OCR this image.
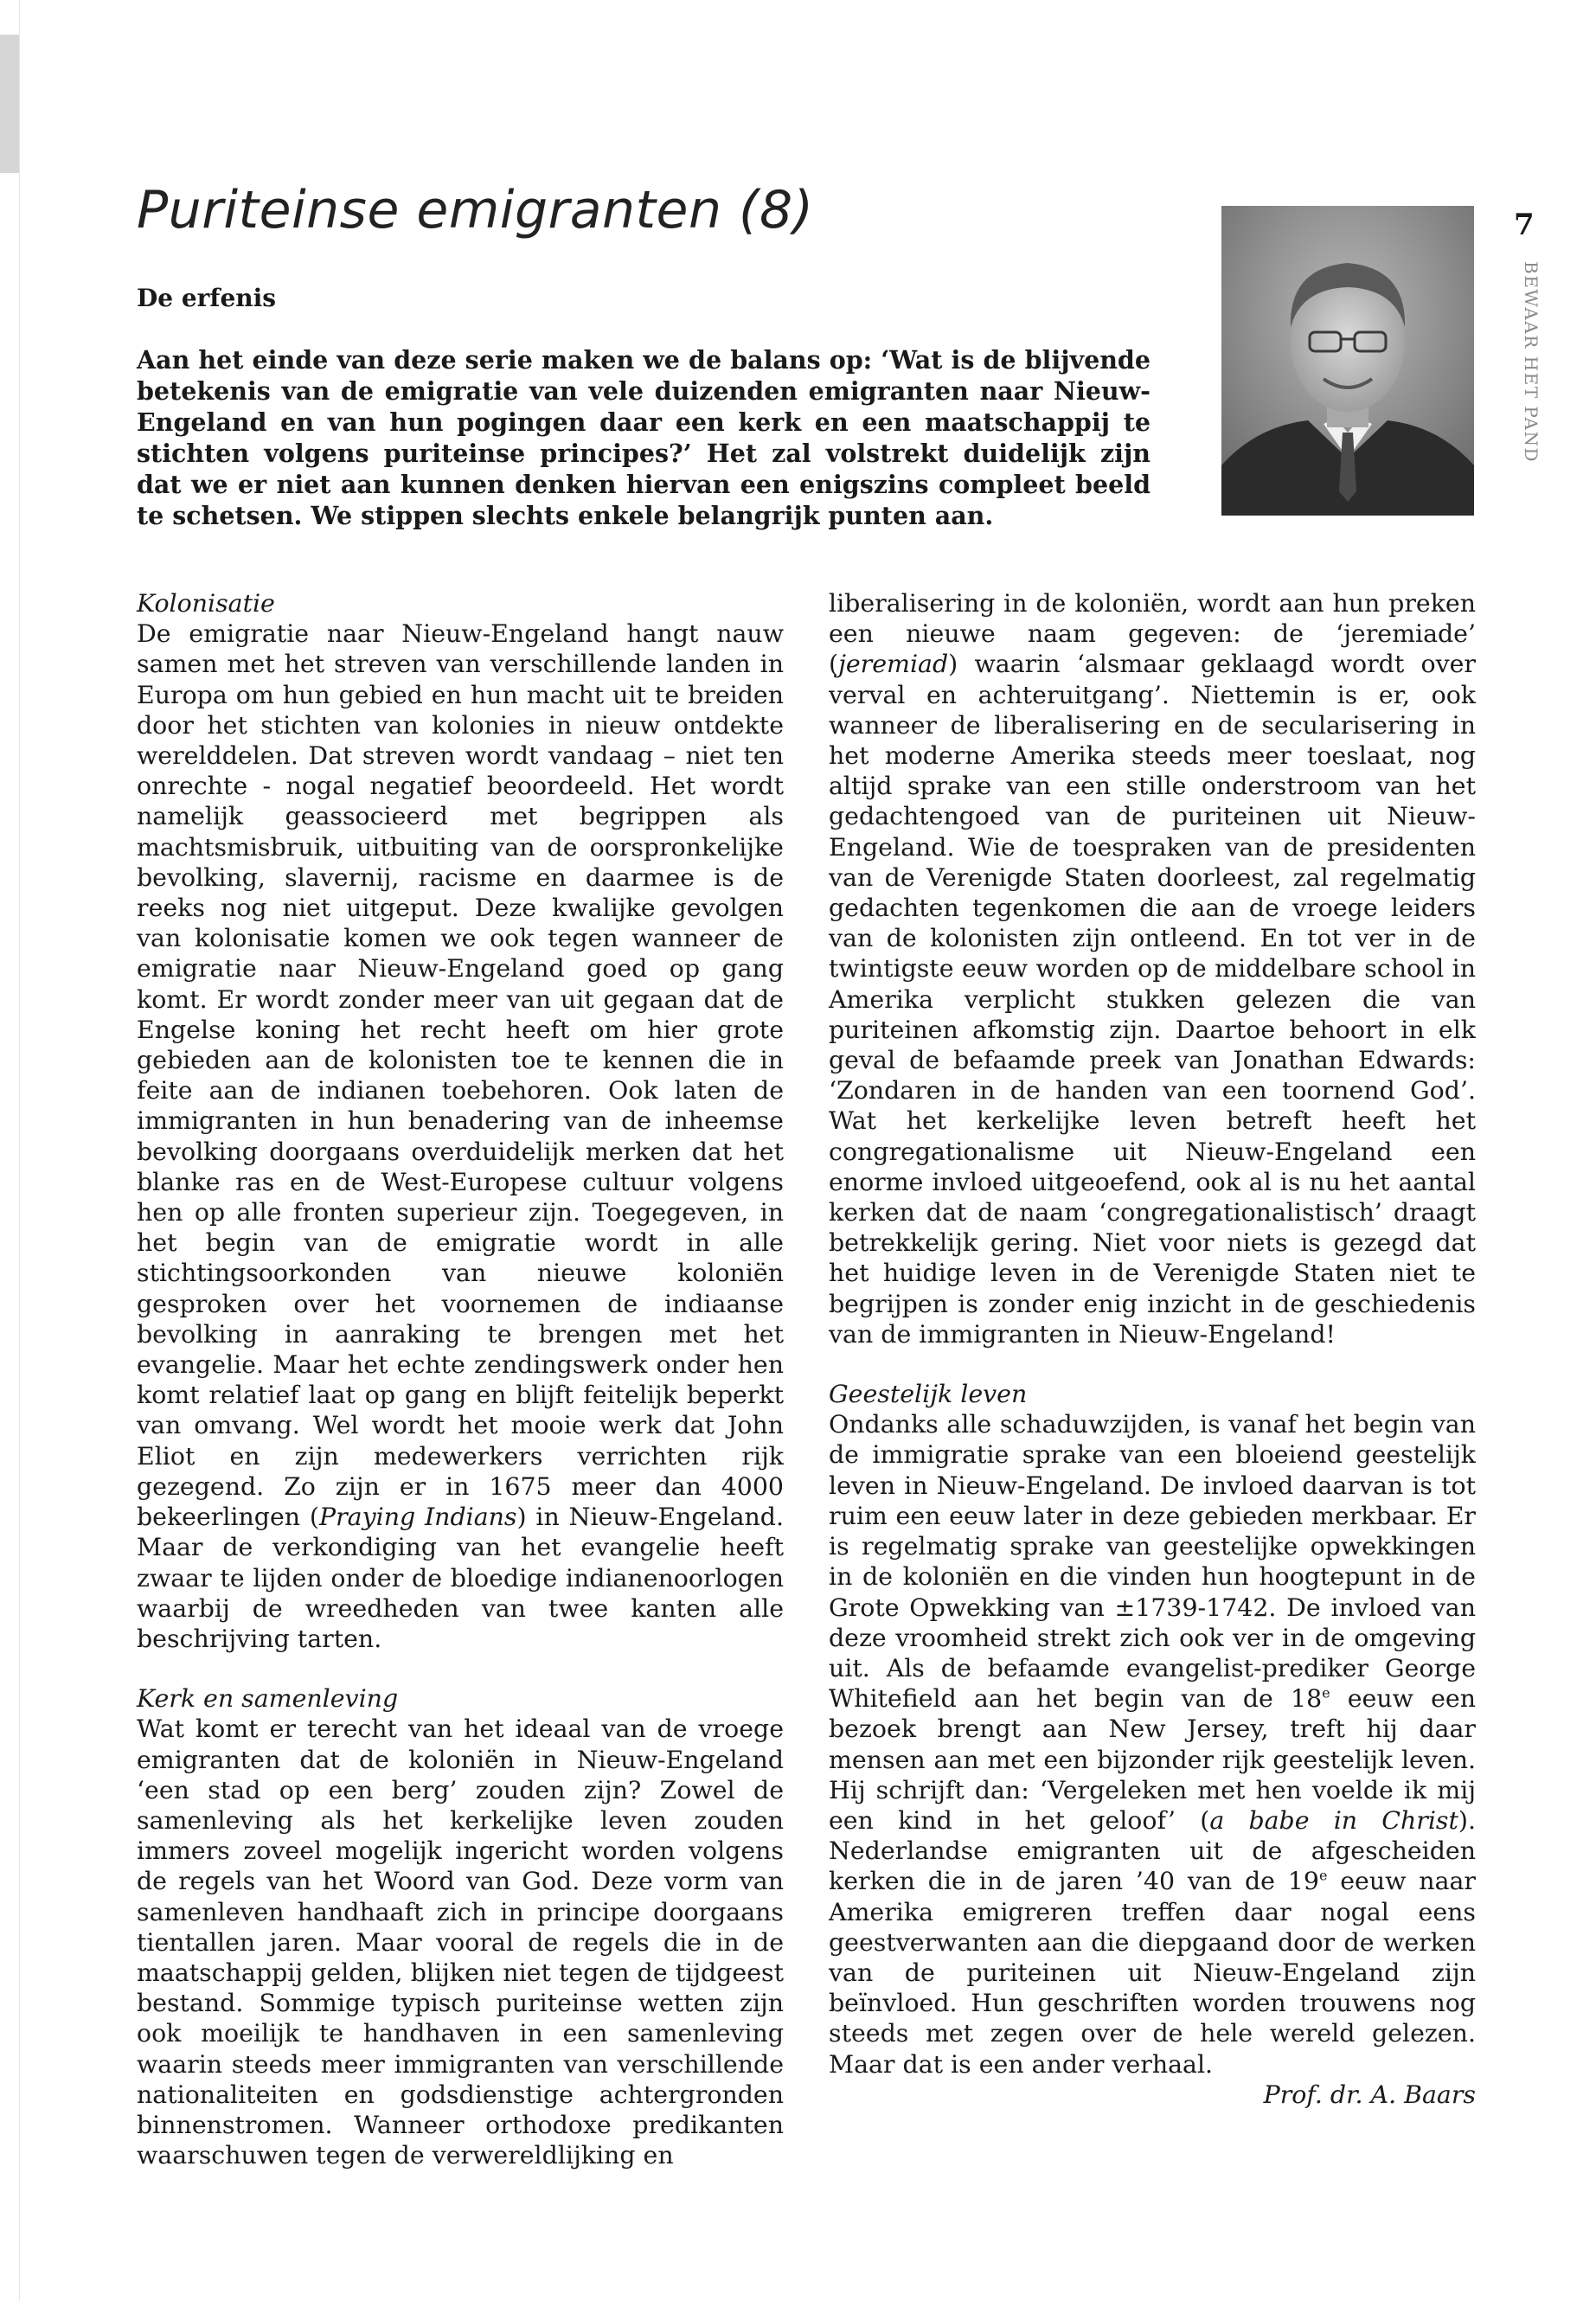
Puriteinse emigranten (8)
De erfenis

Aan het einde van deze serie maken we de balans op: ‘Wat is de blijvende betekenis van de emigratie van vele duizenden emigranten naar Nieuw-Engeland en van hun pogingen daar een kerk en een maatschappij te stichten volgens puriteinse principes?’ Het zal volstrekt duidelijk zijn dat we er niet aan kunnen denken hiervan een enigszins compleet beeld te schetsen. We stippen slechts enkele belangrijk punten aan.

7
BEWAAR HET PAND

Kolonisatie

De emigratie naar Nieuw-Engeland hangt nauw samen met het streven van verschillende landen in Europa om hun gebied en hun macht uit te breiden door het stichten van kolonies in nieuw ontdekte werelddelen. Dat streven wordt vandaag – niet ten onrechte - nogal negatief beoordeeld. Het wordt namelijk geassocieerd met begrippen als machtsmisbruik, uitbuiting van de oorspronkelijke bevolking, slavernij, racisme en daarmee is de reeks nog niet uitgeput. Deze kwalijke gevolgen van kolonisatie komen we ook tegen wanneer de emigratie naar Nieuw-Engeland goed op gang komt. Er wordt zonder meer van uit gegaan dat de Engelse koning het recht heeft om hier grote gebieden aan de kolonisten toe te kennen die in feite aan de indianen toebehoren. Ook laten de immigranten in hun benadering van de inheemse bevolking doorgaans overduidelijk merken dat het blanke ras en de West-Europese cultuur volgens hen op alle fronten superieur zijn. Toegegeven, in het begin van de emigratie wordt in alle stichtingsoorkonden van nieuwe koloniën gesproken over het voornemen de indiaanse bevolking in aanraking te brengen met het evangelie. Maar het echte zendingswerk onder hen komt relatief laat op gang en blijft feitelijk beperkt van omvang. Wel wordt het mooie werk dat John Eliot en zijn medewerkers verrichten rijk gezegend. Zo zijn er in 1675 meer dan 4000 bekeerlingen (Praying Indians) in Nieuw-Engeland. Maar de verkondiging van het evangelie heeft zwaar te lijden onder de bloedige indianenoorlogen waarbij de wreedheden van twee kanten alle beschrijving tarten.

Kerk en samenleving

Wat komt er terecht van het ideaal van de vroege emigranten dat de koloniën in Nieuw-Engeland ‘een stad op een berg’ zouden zijn? Zowel de samenleving als het kerkelijke leven zouden immers zoveel mogelijk ingericht worden volgens de regels van het Woord van God. Deze vorm van samenleven handhaaft zich in principe doorgaans tientallen jaren. Maar vooral de regels die in de maatschappij gelden, blijken niet tegen de tijdgeest bestand. Sommige typisch puriteinse wetten zijn ook moeilijk te handhaven in een samenleving waarin steeds meer immigranten van verschillende nationaliteiten en godsdienstige achtergronden binnenstromen. Wanneer orthodoxe predikanten waarschuwen tegen de verwereldlijking en

liberalisering in de koloniën, wordt aan hun preken een nieuwe naam gegeven: de ‘jeremiade’ (jeremiad) waarin ‘alsmaar geklaagd wordt over verval en achteruitgang’. Niettemin is er, ook wanneer de liberalisering en de secularisering in het moderne Amerika steeds meer toeslaat, nog altijd sprake van een stille onderstroom van het gedachtengoed van de puriteinen uit Nieuw-Engeland. Wie de toespraken van de presidenten van de Verenigde Staten doorleest, zal regelmatig gedachten tegenkomen die aan de vroege leiders van de kolonisten zijn ontleend. En tot ver in de twintigste eeuw worden op de middelbare school in Amerika verplicht stukken gelezen die van puriteinen afkomstig zijn. Daartoe behoort in elk geval de befaamde preek van Jonathan Edwards: ‘Zondaren in de handen van een toornend God’. Wat het kerkelijke leven betreft heeft het congregationalisme uit Nieuw-Engeland een enorme invloed uitgeoefend, ook al is nu het aantal kerken dat de naam ‘congregationalistisch’ draagt betrekkelijk gering. Niet voor niets is gezegd dat het huidige leven in de Verenigde Staten niet te begrijpen is zonder enig inzicht in de geschiedenis van de immigranten in Nieuw-Engeland!

Geestelijk leven

Ondanks alle schaduwzijden, is vanaf het begin van de immigratie sprake van een bloeiend geestelijk leven in Nieuw-Engeland. De invloed daarvan is tot ruim een eeuw later in deze gebieden merkbaar. Er is regelmatig sprake van geestelijke opwekkingen in de koloniën en die vinden hun hoogtepunt in de Grote Opwekking van ±1739-1742. De invloed van deze vroomheid strekt zich ook ver in de omgeving uit. Als de befaamde evangelist-prediker George Whitefield aan het begin van de 18e eeuw een bezoek brengt aan New Jersey, treft hij daar mensen aan met een bijzonder rijk geestelijk leven. Hij schrijft dan: ‘Vergeleken met hen voelde ik mij een kind in het geloof’ (a babe in Christ). Nederlandse emigranten uit de afgescheiden kerken die in de jaren ’40 van de 19e eeuw naar Amerika emigreren treffen daar nogal eens geestverwanten aan die diepgaand door de werken van de puriteinen uit Nieuw-Engeland zijn beïnvloed. Hun geschriften worden trouwens nog steeds met zegen over de hele wereld gelezen. Maar dat is een ander verhaal.

Prof. dr. A. Baars
